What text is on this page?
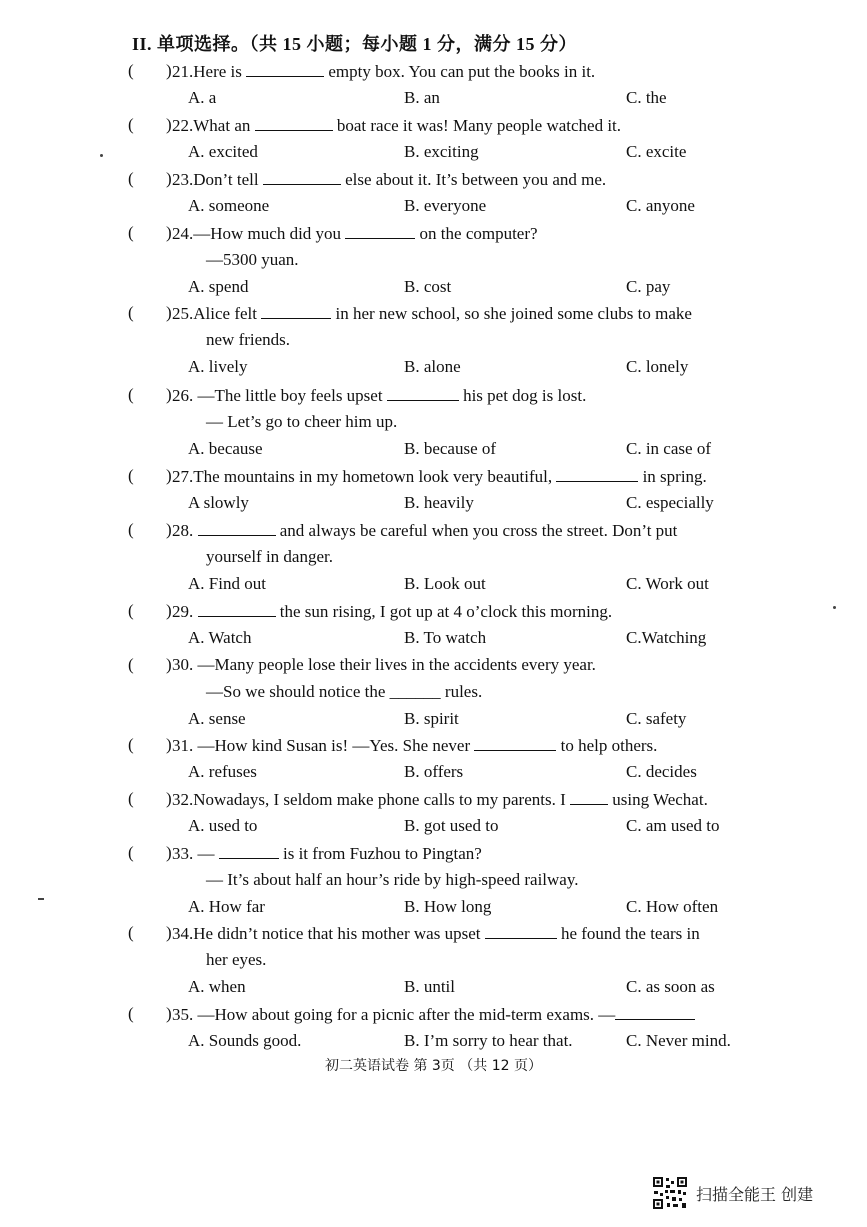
II. 单项选择。（共 15 小题；每小题 1 分，满分 15 分）
( ) 21.Here is	empty box. You can put the books in it.
A. a	B. an	C. the
( ) 22.What an	boat race it was! Many people watched it.
A. excited	B. exciting	C. excite
( ) 23.Don’t tell	else about it. It’s between you and me.
A. someone	B. everyone	C. anyone
( ) 24.—How much did you	on the computer?
—5300 yuan.
A. spend	B. cost	C. pay
( ) 25.Alice felt	in her new school, so she joined some clubs to make
new friends.
A. lively	B. alone	C. lonely
( ) 26. —The little boy feels upset	his pet dog is lost.
— Let’s go to cheer him up.
A. because	B. because of	C. in case of
( ) 27.The mountains in my hometown look very beautiful,	in spring.
A slowly	B. heavily	C. especially
( ) 28.	and always be careful when you cross the street. Don’t put
yourself in danger.
A. Find out	B. Look out	C. Work out
( ) 29.	the sun rising, I got up at 4 o’clock this morning.
A. Watch	B. To watch	C.Watching
( ) 30. —Many people lose their lives in the accidents every year.
—So we should notice the ______ rules.
A. sense	B. spirit	C. safety
( ) 31. —How kind Susan is! —Yes. She never	to help others.
A. refuses	B. offers	C. decides
( ) 32.Nowadays, I seldom make phone calls to my parents. I  using Wechat.
A. used to	B. got used to	C. am used to
( ) 33. —	is it from Fuzhou to Pingtan?
— It’s about half an hour’s ride by high-speed railway.
A. How far	B. How long	C. How often
( ) 34.He didn’t notice that his mother was upset	he found the tears in
her eyes.
A. when	B. until	C. as soon as
( ) 35. —How about going for a picnic after the mid-term exams. —
A. Sounds good.	B. I’m sorry to hear that.	C. Never mind.
初二英语试卷 第 3页 （共 12 页）
扫描全能王 创建
